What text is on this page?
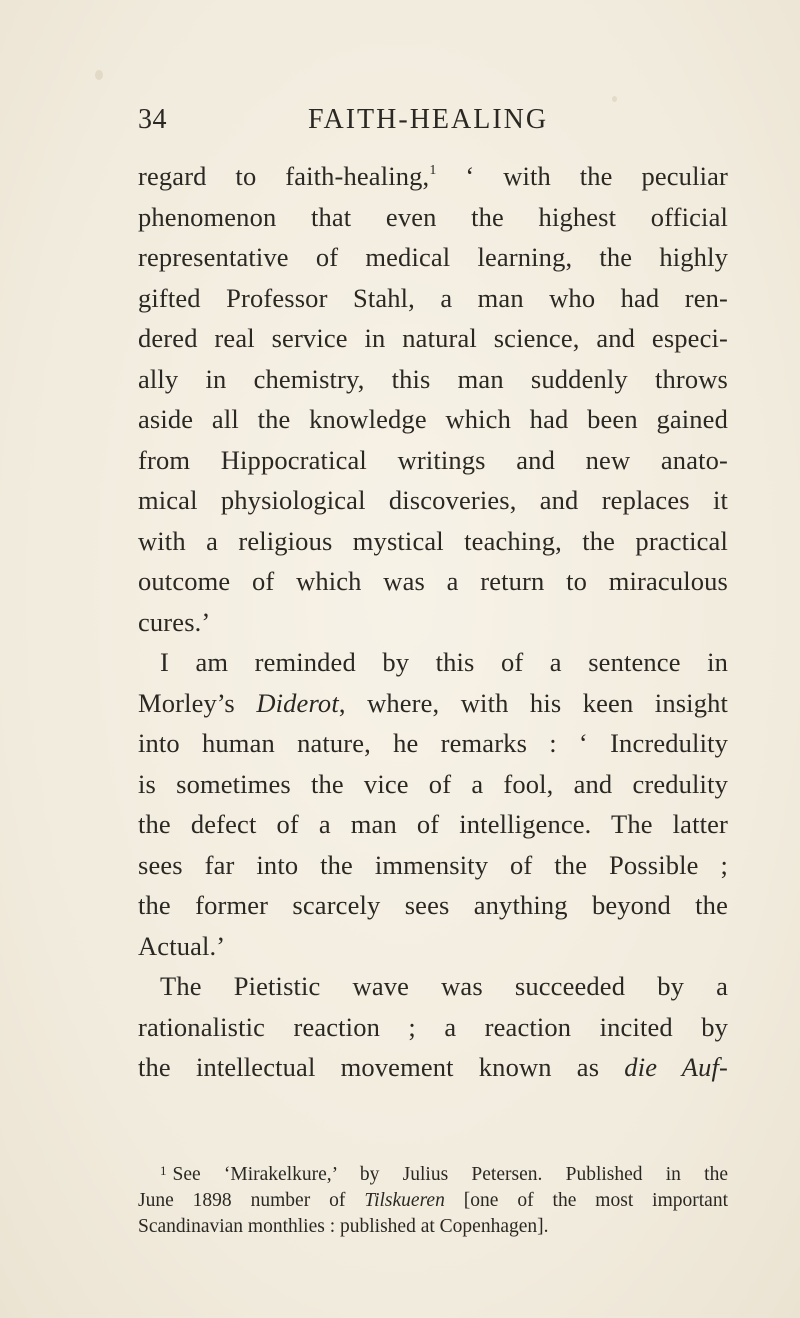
34	FAITH-HEALING
regard to faith-healing,$^1$ ‘ with the peculiar
phenomenon that even the highest official
representative of medical learning, the highly
gifted Professor Stahl, a man who had ren-
dered real service in natural science, and especi-
ally in chemistry, this man suddenly throws
aside all the knowledge which had been gained
from Hippocratical writings and new anato-
mical physiological discoveries, and replaces it
with a religious mystical teaching, the practical
outcome of which was a return to miraculous
cures.’
I am reminded by this of a sentence in
Morley’s Diderot, where, with his keen insight
into human nature, he remarks : ‘ Incredulity
is sometimes the vice of a fool, and credulity
the defect of a man of intelligence. The latter
sees far into the immensity of the Possible ;
the former scarcely sees anything beyond the
Actual.’
The Pietistic wave was succeeded by a
rationalistic reaction ; a reaction incited by
the intellectual movement known as die Auf-
$^1$ See ‘Mirakelkure,’ by Julius Petersen. Published in the
June 1898 number of Tilskueren [one of the most important
Scandinavian monthlies : published at Copenhagen].
